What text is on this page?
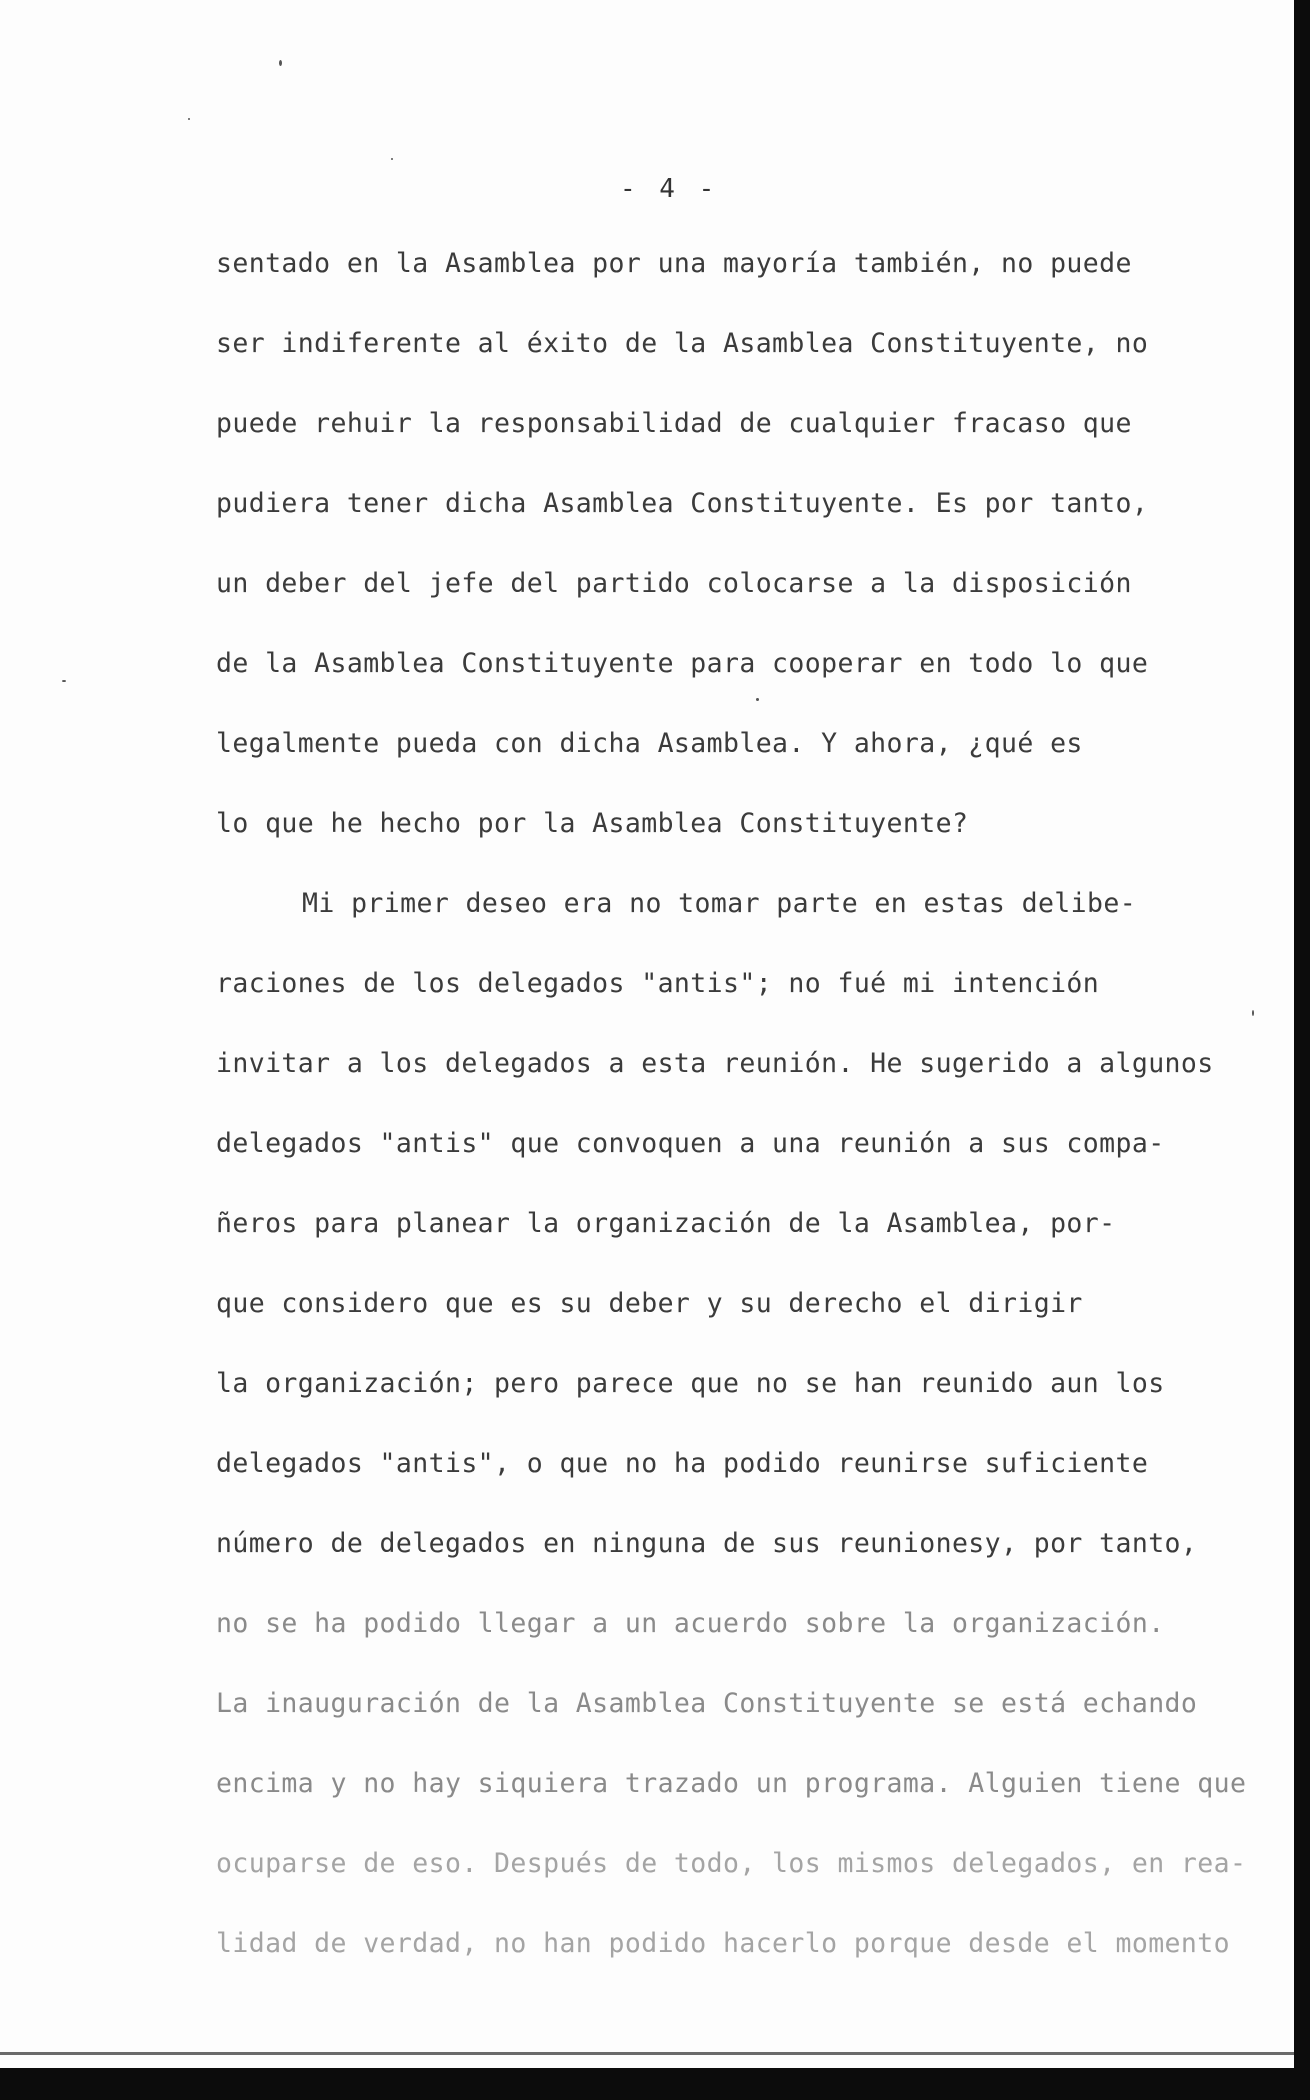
- 4 -
sentado en la Asamblea por una mayoría también, no puede
ser indiferente al éxito de la Asamblea Constituyente, no
puede rehuir la responsabilidad de cualquier fracaso que
pudiera tener dicha Asamblea Constituyente. Es por tanto,
un deber del jefe del partido colocarse a la disposición
de la Asamblea Constituyente para cooperar en todo lo que
legalmente pueda con dicha Asamblea. Y ahora, ¿qué es
lo que he hecho por la Asamblea Constituyente?
Mi primer deseo era no tomar parte en estas delibe-
raciones de los delegados "antis"; no fué mi intención
invitar a los delegados a esta reunión. He sugerido a algunos
delegados "antis" que convoquen a una reunión a sus compa-
ñeros para planear la organización de la Asamblea, por-
que considero que es su deber y su derecho el dirigir
la organización; pero parece que no se han reunido aun los
delegados "antis", o que no ha podido reunirse suficiente
número de delegados en ninguna de sus reunionesy, por tanto,
no se ha podido llegar a un acuerdo sobre la organización.
La inauguración de la Asamblea Constituyente se está echando
encima y no hay siquiera trazado un programa. Alguien tiene que
ocuparse de eso. Después de todo, los mismos delegados, en rea-
lidad de verdad, no han podido hacerlo porque desde el momento
